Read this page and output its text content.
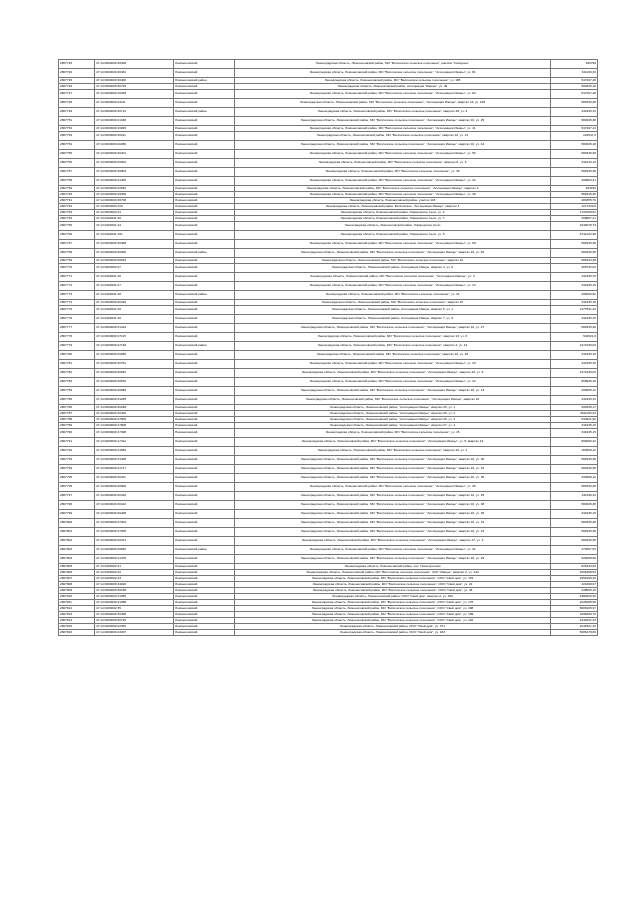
2807745	47:14:0000000:30306	Ломоносовский	Ленинградская область, Ломоносовский район, МО "Виллозское сельское поселение", массив "Саперное"	186790
2807746	47:14:0000000:30461	Ломоносовский	Ленинградская область, Ломоносовский район, МО "Виллозское сельское поселение", "Ассоциация Ижицы", уч. 81	341196,34
2807745	47:14:0000000:30406	Ломоносовский район	Ленинградская область, Ломоносовский район, МО "Виллозское сельское поселение", уч. 185	547407,48
2807746	47:14:0000000:30725	Ломоносовский	Ленинградская область, Ломоносовский район, Ассоциация "Ижицы", уч. 49	589345,18
2807747	47:14:0000000:16348	Ломоносовский	Ленинградская область, Ломоносовский район, МО "Виллозское сельское поселение", "Ассоциация Ижицы", уч. 84	547407,48
2807748	47:14:0000000:24111	Ломоносовский	Ленинградская область, Ломоносовский район, МО "Виллозское сельское поселение", "Ассоциация Ижицы", квартал 16, уч. 168	589345,38
2807749	47:14:0000000:30712	Ломоносовский район	Ленинградская область, Ломоносовский район, МО "Виллозское сельское поселение", квартал 48, уч. 9	341935,15
2807751	47:14:0000000:21348	Ломоносовский	Ленинградская область, Ломоносовский район, МО "Виллозское сельское поселение", "Ассоциация Ижицы", квартал 16, уч. 25	589345,38
2807752	47:14:0000000:16845	Ломоносовский	Ленинградская область, Ломоносовский район, МО "Виллозское сельское поселение", "Ассоциация Ижицы", уч. 41	547407,44
2807753	47:14:0000000:30211	Ломоносовский	Ленинградская область, Ломоносовский район, МО "Виллозское сельское поселение", квартал 16, уч. 13	224547,2
2807754	47:14:0000000:20286	Ломоносовский	Ленинградская область, Ломоносовский район, МО "Виллозское сельское поселение", "Ассоциация Ижицы", квартал 16, уч. 44	589345,18
2807755	47:14:0000000:30401	Ломоносовский	Ленинградская область, Ломоносовский район, МО "Виллозское сельское поселение", "Ассоциация Ижицы", уч. 56	589345,38
2807756	47:14:0000000:26602	Ломоносовский	Ленинградская область, Ломоносовский район, МО "Виллозское сельское поселение", квартал 8, уч. 4	341610,13
2807757	47:14:0000000:30804	Ломоносовский	Ленинградская область, Ломоносовский район, МО "Виллозское сельское поселение", уч. 30	589345,38
2807758	47:14:0000000:21405	Ломоносовский	Ленинградская область, Ломоносовский район, МО "Виллозское сельское поселение", "Ассоциация Ижицы", уч. 22	409664,41
2807759	47:14:0000000:22549	Ломоносовский	Ленинградская область, Ломоносовский район, МО "Виллозское сельское поселение", "Ассоциация Ижицы", квартал 2	364199
2807760	47:14:0000000:29306	Ломоносовский	Ленинградская область, Ломоносовский район, МО "Виллозское сельское поселение", "Ассоциация Ижицы", уч. 48	589345,38
2807761	47:14:0000000:30708	Ломоносовский	Ленинградская область, Ломоносовский район, участок 118	480355,76
2807762	47:14:0603003:120	Ломоносовский	Ленинградская область, Ломоносовский район, Виллозское, "Ассоциация Ижицы", квартал 4	1217339,9
2807763	47:14:0603003:21	Ломоносовский	Ленинградская область, Ломоносовский район, Офицерское Село, уч. 2	1720208,62
2807764	47:14:0402001:30	Ломоносовский	Ленинградская область, Ломоносовский район, Офицерское Село, уч. 7	298807,21
2807765	47:14:0402001:44	Ломоносовский	Ленинградская область, Ломоносовский район, Офицерское Село	2249078,73
2807766	47:14:0402001:161	Ломоносовский	Ленинградская область, Ломоносовский район, Офицерское Село, уч. 5	3742122,99
2807767	47:14:0000000:30388	Ломоносовский	Ленинградская область, Ломоносовский район, МО "Виллозское сельское поселение", "Ассоциация Ижицы", уч. 69	589345,38
2807768	47:14:0000000:30900	Ломоносовский район	Ленинградская область, Ломоносовский район, МО "Виллозское сельское поселение", "Ассоциация Ижицы", квартал 16, уч. 40	589345,38
2807769	47:14:0000000:28032	Ломоносовский	Ленинградская область, Ломоносовский район, МО "Виллозское сельское поселение", квартал 16	585443,38
2807770	47:14:0603003:27	Ломоносовский	Ленинградская область, Ломоносовский район, Ассоциация Ижицы, квартал 4, уч. 6	455732,03
2807771	47:14:0402001:26	Ломоносовский	Ленинградская область, Ломоносовский район, МО "Виллозское сельское поселение", "Ассоциация Ижицы", уч. 2	341935,15
2807772	47:14:0402001:27	Ломоносовский	Ленинградская область, Ломоносовский район, МО "Виллозское сельское поселение", "Ассоциация Ижицы", уч. 13	341935,15
2807773	47:14:0402001:28	Ломоносовский район	Ленинградская область, Ломоносовский район, МО "Виллозское сельское поселение", уч. 21	496092,92
2807774	47:14:0000000:30449	Ломоносовский	Ленинградская область, Ломоносовский район, МО "Виллозское сельское поселение", квартал 16	341935,15
2807775	47:14:0402001:29	Ломоносовский	Ленинградская область, Ломоносовский район, Ассоциация Ижицы, квартал 6, уч. 1	1177531,43
2807776	47:14:0402001:30	Ломоносовский	Ленинградская область, Ломоносовский район, Ассоциация Ижицы, квартал 7, уч. 3	341935,15
2807777	47:14:0000000:21424	Ломоносовский	Ленинградская область, Ломоносовский район, МО "Виллозское сельское поселение", "Ассоциация Ижицы", квартал 16, уч. 27	589345,38
2807778	47:14:0000000:27115	Ломоносовский	Ленинградская область, Ломоносовский район, МО "Виллозское сельское поселение", квартал 13, уч. 6	534521,8
2807779	47:14:0000000:27148	Ломоносовский район	Ленинградская область, Ломоносовский район, МО "Виллозское сельское поселение", квартал 4, уч. 14	1272236,03
2807780	47:14:0000000:26685	Ломоносовский	Ленинградская область, Ломоносовский район, МО "Виллозское сельское поселение", квартал 16, уч. 18	341935,15
2807781	47:14:0000000:30761	Ломоносовский	Ленинградская область, Ломоносовский район, МО "Виллозское сельское поселение", "Ассоциация Ижицы", уч. 20	341935,15
2807782	47:14:0000000:30840	Ломоносовский	Ленинградская область, Ломоносовский район, МО "Виллозское сельское поселение", "Ассоциация Ижицы", квартал 23, уч. 5	1272236,03
2807783	47:14:0000000:30878	Ломоносовский	Ленинградская область, Ломоносовский район, МО "Виллозское сельское поселение", "Ассоциация Ижицы", уч. 12	868935,16
2807784	47:14:0000000:30889	Ломоносовский	Ленинградская область, Ломоносовский район, МО "Виллозское сельское поселение", "Ассоциация Ижицы", квартал 16, уч. 13	490905,12
2807785	47:14:0000000:31265	Ломоносовский	Ленинградская область, Ломоносовский район, МО "Виллозское сельское поселение", "Ассоциация Ижицы", квартал 16	341935,15
2807786	47:14:0000000:30298	Ломоносовский	Ленинградская область, Ломоносовский район, "Ассоциация Ижицы", квартал 25, уч. 1	395238,17
2807787	47:14:0000000:30492	Ломоносовский	Ленинградская область, Ломоносовский район, "Ассоциация Ижицы", квартал 25, уч. 2	3611166,34
2807788	47:14:0000000:27809	Ломоносовский	Ленинградская область, Ломоносовский район, "Ассоциация Ижицы", квартал 25, уч. 3	534521,92
2807789	47:14:0000000:27808	Ломоносовский	Ленинградская область, Ломоносовский район, "Ассоциация Ижицы", квартал 27, уч. 4	341935,15
2807790	47:14:0000000:27308	Ломоносовский	Ленинградская область, Ломоносовский район, МО "Виллозское сельское поселение", уч. 15	341935,15
2807791	47:14:0000000:17421	Ломоносовский	Ленинградская область, Ломоносовский район, МО "Виллозское сельское поселение", "Ассоциация Ижицы", уч. 5, квартал 16	898466,42
2807792	47:14:0000000:21569	Ломоносовский	Ленинградская область, Ломоносовский район, МО "Виллозское сельское поселение", квартал 16, уч. 1	184599,12
2807793	47:14:0000000:31308	Ломоносовский	Ленинградская область, Ломоносовский район, МО "Виллозское сельское поселение", "Ассоциация Ижицы", квартал 16, уч. 30	589345,38
2807794	47:14:0000000:21717	Ломоносовский	Ленинградская область, Ломоносовский район, МО "Виллозское сельское поселение", "Ассоциация Ижицы", квартал 16, уч. 33	589345,38
2807795	47:14:0000000:30411	Ломоносовский	Ленинградская область, Ломоносовский район, МО "Виллозское сельское поселение", "Ассоциация Ижицы", квартал 16, уч. 36	433698,12
2807796	47:14:0000000:30809	Ломоносовский	Ленинградская область, Ломоносовский район, МО "Виллозское сельское поселение", "Ассоциация Ижицы", уч. 26	589345,38
2807797	47:14:0000000:26340	Ломоносовский	Ленинградская область, Ломоносовский район, МО "Виллозское сельское поселение", "Ассоциация Ижицы", квартал 16, уч. 25	341196,34
2807798	47:14:0000000:30412	Ломоносовский	Ленинградская область, Ломоносовский район, МО "Виллозское сельское поселение", "Ассоциация Ижицы", квартал 16, уч. 38	589345,38
2807799	47:14:0000000:26408	Ломоносовский	Ленинградская область, Ломоносовский район, МО "Виллозское сельское поселение", "Ассоциация Ижицы", квартал 16, уч. 39	341935,15
2807800	47:14:0000000:27004	Ломоносовский	Ленинградская область, Ломоносовский район, МО "Виллозское сельское поселение", "Ассоциация Ижицы", квартал 16, уч. 34	589345,38
2807801	47:14:0000000:27005	Ломоносовский	Ленинградская область, Ломоносовский район, МО "Виллозское сельское поселение", "Ассоциация Ижицы", квартал 16, уч. 23	589345,38
2807802	47:14:0000000:20413	Ломоносовский	Ленинградская область, Ломоносовский район, МО "Виллозское сельское поселение", "Ассоциация Ижицы", квартал 17, уч. 3	589345,38
2807803	47:14:0000000:26840	Ломоносовский район	Ленинградская область, Ломоносовский район, МО "Виллозское сельское поселение", "Ассоциация Ижицы", уч. 31	479267,53
2807804	47:14:0000000:21378	Ломоносовский	Ленинградская область, Ломоносовский район, МО "Виллозское сельское поселение", "Ассоциация Ижицы", квартал 16, уч. 29	628408,99
2807805	47:14:0403002:31	Ломоносовский	Ленинградская область, Ломоносовский район, пос. Новогорелово	825440,09
2807806	47:14:0403002:32	Ломоносовский	Ленинградская область, Ломоносовский район, МО "Виллозское сельское поселение", ЗАО "Ижицы", квартал 2, уч. 142	3265498,53
2807807	47:14:0403002:33	Ломоносовский	Ленинградская область, Ломоносовский район, МО "Виллозское сельское поселение", ООО "Свой дом", уч. 154	1651695,29
2807808	47:14:0000000:34020	Ломоносовский	Ленинградская область, Ломоносовский район, МО "Виллозское сельское поселение", ООО "Свой дом", уч. 21	321698,97
2807809	47:14:0000000:30158	Ломоносовский	Ленинградская область, Ломоносовский район, МО "Виллозское сельское поселение", ООО "Свой дом", уч. 46	248556,15
2807810	47:14:0000000:31085	Ломоносовский	Ленинградская область, Ломоносовский район, ООО "Свой дом", квартал 2, уч. 160	2380926,26
2807811	47:14:0000000:31088	Ломоносовский	Ленинградская область, Ломоносовский район, МО "Виллозское сельское поселение", ООО "Свой дом", уч. 175	2226086,58
2807812	47:14:0403002:35	Ломоносовский	Ленинградская область, Ломоносовский район, МО "Виллозское сельское поселение", ООО "Свой дом", уч. 188	5083205,97
2807813	47:14:0000000:30458	Ломоносовский	Ленинградская область, Ломоносовский район, МО "Виллозское сельское поселение", ООО "Свой дом", уч. 189	1698299,79
2807814	47:14:0000000:30725	Ломоносовский	Ленинградская область, Ломоносовский район, МО "Виллозское сельское поселение", ООО "Свой дом", уч. 192	2244521,33
2807815	47:14:0000000:22352	Ломоносовский	Ленинградская область, Ломоносовский район, ООО "Свой дом", уч. 371	2244521,33
2807816	47:14:0000000:23307	Ломоносовский	Ленинградская область, Ломоносовский район, ООО "Свой дом", уч. 183	5086278,89
